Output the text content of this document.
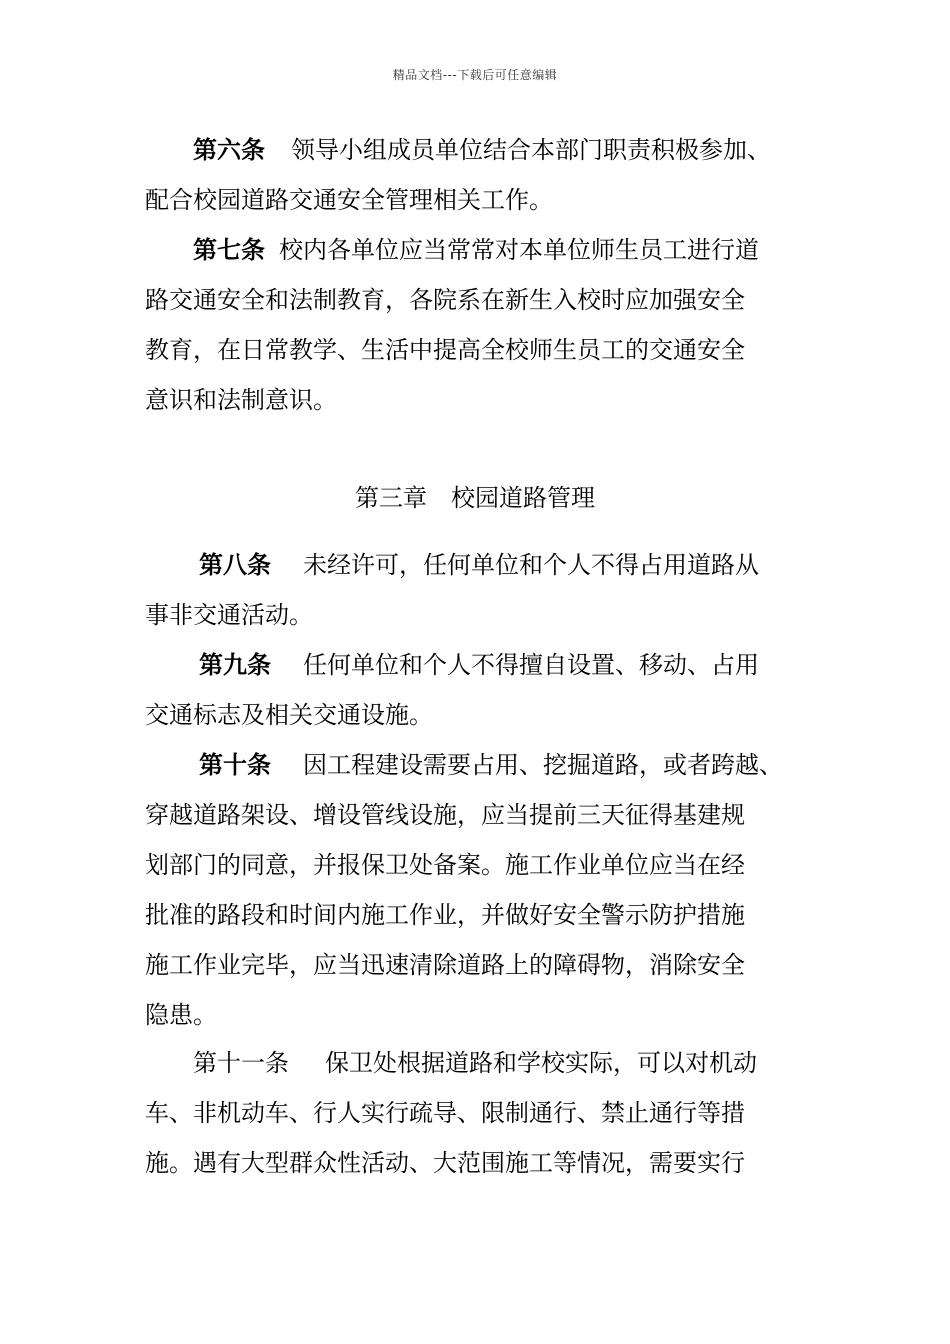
精品文档---下载后可任意编辑
第六条 领导小组成员单位结合本部门职责积极参加、
配合校园道路交通安全管理相关工作。
第七条 校内各单位应当常常对本单位师生员工进行道
路交通安全和法制教育，各院系在新生入校时应加强安全
教育，在日常教学、生活中提高全校师生员工的交通安全
意识和法制意识。
第三章　校园道路管理
第八条 未经许可，任何单位和个人不得占用道路从
事非交通活动。
第九条 任何单位和个人不得擅自设置、移动、占用
交通标志及相关交通设施。
第十条 因工程建设需要占用、挖掘道路，或者跨越、
穿越道路架设、增设管线设施，应当提前三天征得基建规
划部门的同意，并报保卫处备案。施工作业单位应当在经
批准的路段和时间内施工作业，并做好安全警示防护措施
施工作业完毕，应当迅速清除道路上的障碍物，消除安全
隐患。
第十一条 保卫处根据道路和学校实际，可以对机动
车、非机动车、行人实行疏导、限制通行、禁止通行等措
施。遇有大型群众性活动、大范围施工等情况，需要实行
